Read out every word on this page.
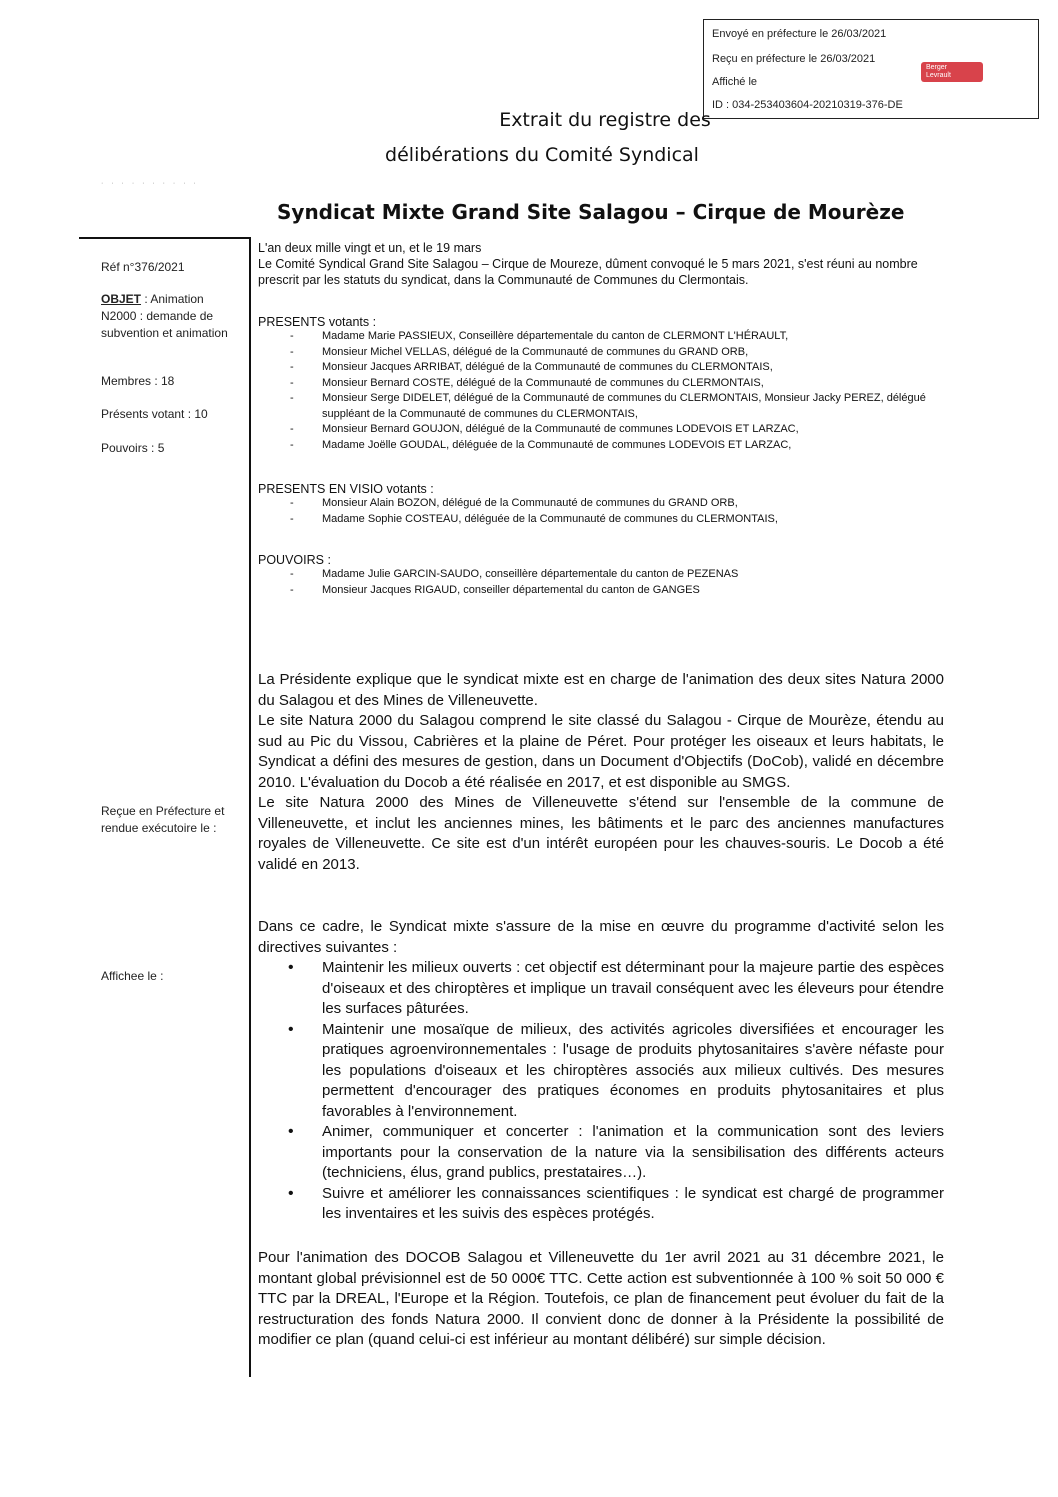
Envoyé en préfecture le 26/03/2021
Reçu en préfecture le 26/03/2021
Affiché le
ID : 034-253403604-20210319-376-DE
Berger
Levrault
Extrait du registre des
délibérations du Comité Syndical
· · · · · · · · · ·
Syndicat Mixte Grand Site Salagou – Cirque de Mourèze
Réf n°376/2021
OBJET : Animation N2000 : demande de subvention et animation
Membres : 18
Présents votant : 10
Pouvoirs : 5
Reçue en Préfecture et rendue exécutoire le :
Affichee le :
L'an deux mille vingt et un, et le 19 mars
Le Comité Syndical Grand Site Salagou – Cirque de Moureze, dûment convoqué le 5 mars 2021, s'est réuni au nombre prescrit par les statuts du syndicat, dans la Communauté de Communes du Clermontais.
PRESENTS votants :
- Madame Marie PASSIEUX, Conseillère départementale du canton de CLERMONT L'HÉRAULT,
- Monsieur Michel VELLAS, délégué de la Communauté de communes du GRAND ORB,
- Monsieur Jacques ARRIBAT, délégué de la Communauté de communes du CLERMONTAIS,
- Monsieur Bernard COSTE, délégué de la Communauté de communes du CLERMONTAIS,
- Monsieur Serge DIDELET, délégué de la Communauté de communes du CLERMONTAIS, Monsieur Jacky PEREZ, délégué suppléant de la Communauté de communes du CLERMONTAIS,
- Monsieur Bernard GOUJON, délégué de la Communauté de communes LODEVOIS ET LARZAC,
- Madame Joëlle GOUDAL, déléguée de la Communauté de communes LODEVOIS ET LARZAC,
PRESENTS EN VISIO votants :
- Monsieur Alain BOZON, délégué de la Communauté de communes du GRAND ORB,
- Madame Sophie COSTEAU, déléguée de la Communauté de communes du CLERMONTAIS,
POUVOIRS :
- Madame Julie GARCIN-SAUDO, conseillère départementale du canton de PEZENAS
- Monsieur Jacques RIGAUD, conseiller départemental du canton de GANGES

La Présidente explique que le syndicat mixte est en charge de l'animation des deux sites Natura 2000 du Salagou et des Mines de Villeneuvette.

Le site Natura 2000 du Salagou comprend le site classé du Salagou - Cirque de Mourèze, étendu au sud au Pic du Vissou, Cabrières et la plaine de Péret. Pour protéger les oiseaux et leurs habitats, le Syndicat a défini des mesures de gestion, dans un Document d'Objectifs (DoCob), validé en décembre 2010. L'évaluation du Docob a été réalisée en 2017, et est disponible au SMGS.

Le site Natura 2000 des Mines de Villeneuvette s'étend sur l'ensemble de la commune de Villeneuvette, et inclut les anciennes mines, les bâtiments et le parc des anciennes manufactures royales de Villeneuvette. Ce site est d'un intérêt européen pour les chauves-souris. Le Docob a été validé en 2013.

Dans ce cadre, le Syndicat mixte s'assure de la mise en œuvre du programme d'activité selon les directives suivantes :

• Maintenir les milieux ouverts : cet objectif est déterminant pour la majeure partie des espèces d'oiseaux et des chiroptères et implique un travail conséquent avec les éleveurs pour étendre les surfaces pâturées.
• Maintenir une mosaïque de milieux, des activités agricoles diversifiées et encourager les pratiques agroenvironnementales : l'usage de produits phytosanitaires s'avère néfaste pour les populations d'oiseaux et les chiroptères associés aux milieux cultivés. Des mesures permettent d'encourager des pratiques économes en produits phytosanitaires et plus favorables à l'environnement.
• Animer, communiquer et concerter : l'animation et la communication sont des leviers importants pour la conservation de la nature via la sensibilisation des différents acteurs (techniciens, élus, grand publics, prestataires…).
• Suivre et améliorer les connaissances scientifiques : le syndicat est chargé de programmer les inventaires et les suivis des espèces protégés.

Pour l'animation des DOCOB Salagou et Villeneuvette du 1er avril 2021 au 31 décembre 2021, le montant global prévisionnel est de 50 000€ TTC. Cette action est subventionnée à 100 % soit 50 000 € TTC par la DREAL, l'Europe et la Région. Toutefois, ce plan de financement peut évoluer du fait de la restructuration des fonds Natura 2000. Il convient donc de donner à la Présidente la possibilité de modifier ce plan (quand celui-ci est inférieur au montant délibéré) sur simple décision.
